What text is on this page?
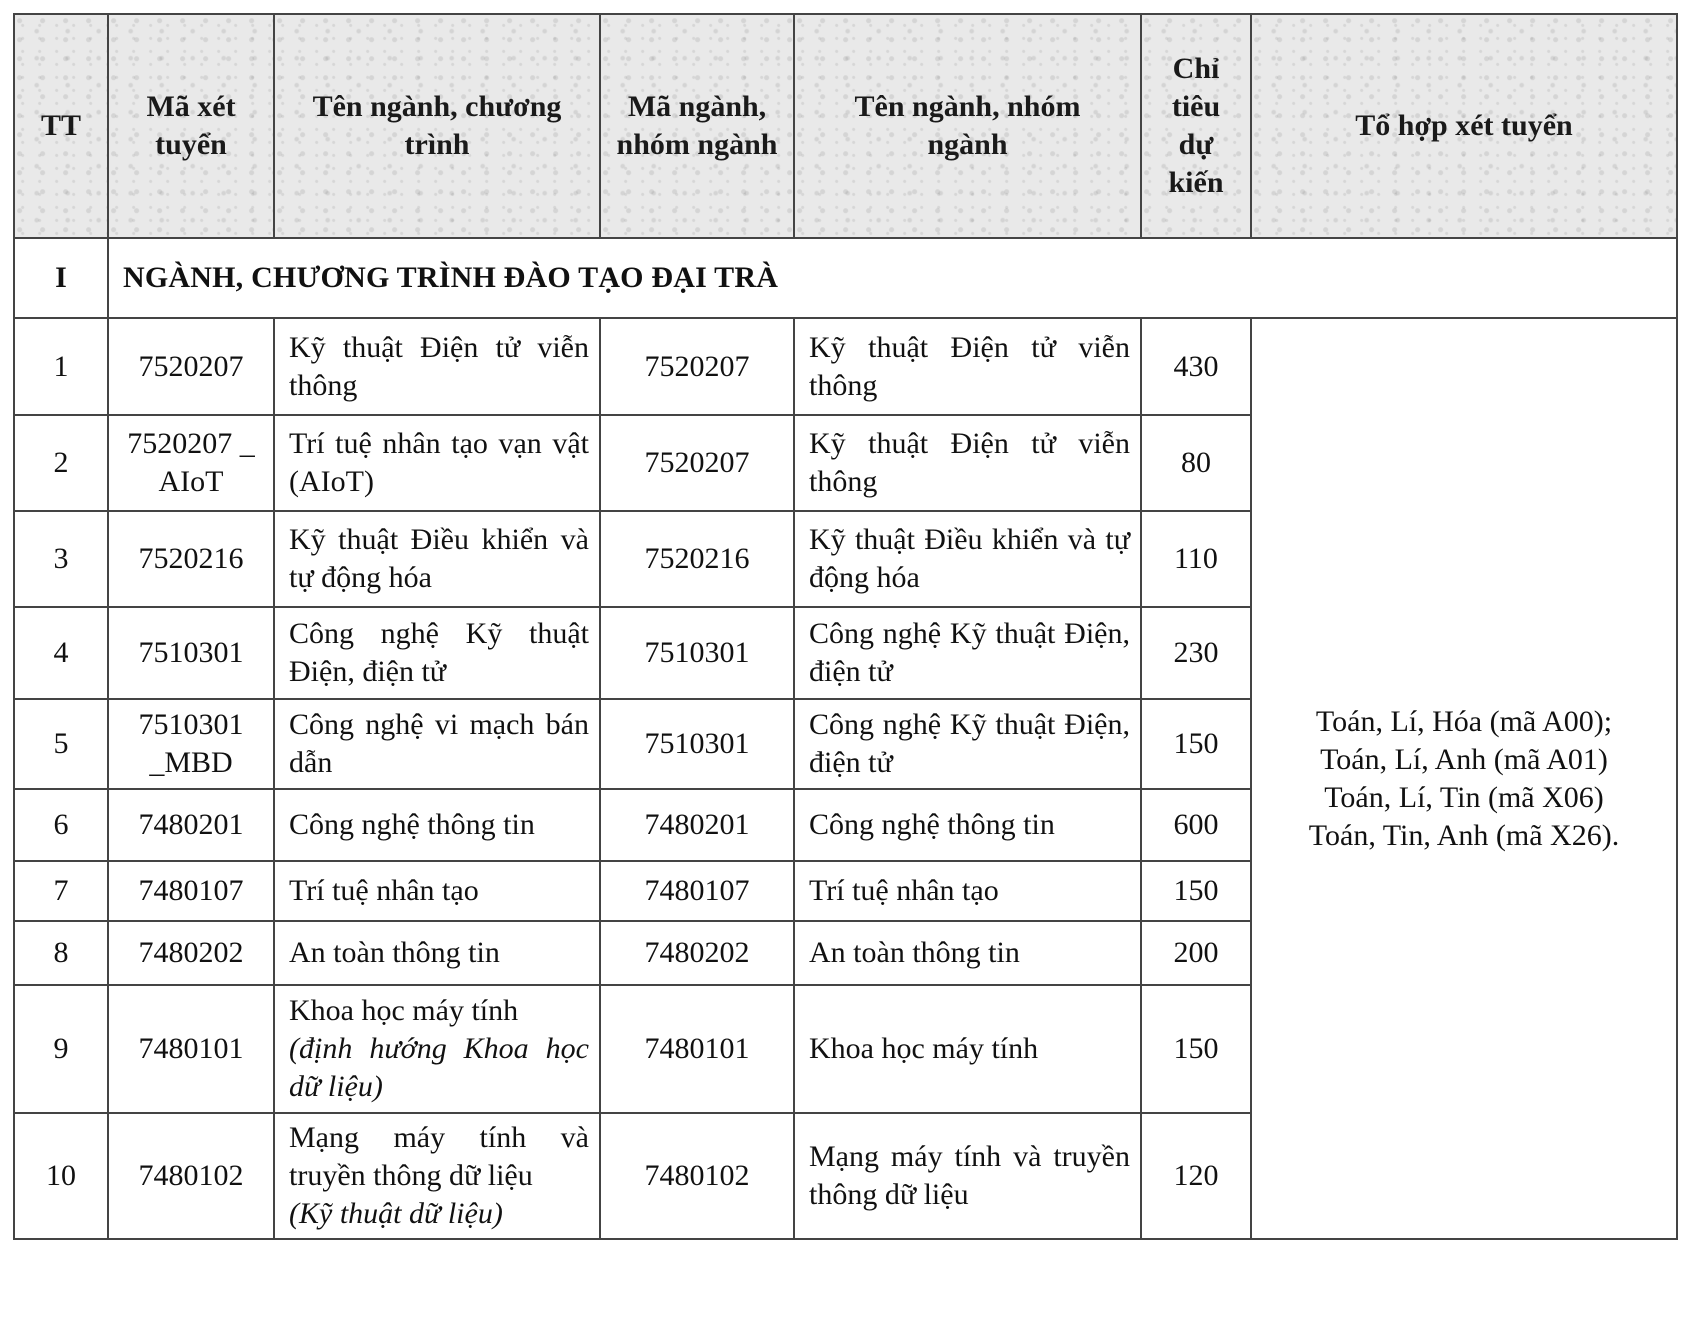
TT	Mã xét tuyển	Tên ngành, chương trình	Mã ngành, nhóm ngành	Tên ngành, nhóm ngành	Chỉ tiêu dự kiến	Tổ hợp xét tuyển
I	NGÀNH, CHƯƠNG TRÌNH ĐÀO TẠO ĐẠI TRÀ					
1	7520207	Kỹ thuật Điện tử viễn thông	7520207	Kỹ thuật Điện tử viễn thông	430	Toán, Lí, Hóa (mã A00);
Toán, Lí, Anh (mã A01)
Toán, Lí, Tin (mã X06)
Toán, Tin, Anh (mã X26).

2	7520207 _ AIoT	Trí tuệ nhân tạo vạn vật (AIoT)	7520207	Kỹ thuật Điện tử viễn thông	80	
3	7520216	Kỹ thuật Điều khiển và tự động hóa	7520216	Kỹ thuật Điều khiển và tự động hóa	110	
4	7510301	Công nghệ Kỹ thuật Điện, điện tử	7510301	Công nghệ Kỹ thuật Điện, điện tử	230	
5	7510301 _MBD	Công nghệ vi mạch bán dẫn	7510301	Công nghệ Kỹ thuật Điện, điện tử	150	
6	7480201	Công nghệ thông tin	7480201	Công nghệ thông tin	600	
7	7480107	Trí tuệ nhân tạo	7480107	Trí tuệ nhân tạo	150	
8	7480202	An toàn thông tin	7480202	An toàn thông tin	200	
9	7480101	Khoa học máy tính
(định hướng Khoa học dữ liệu)	7480101	Khoa học máy tính	150	
10	7480102	Mạng máy tính và truyền thông dữ liệu
(Kỹ thuật dữ liệu)	7480102	Mạng máy tính và truyền thông dữ liệu	120	
